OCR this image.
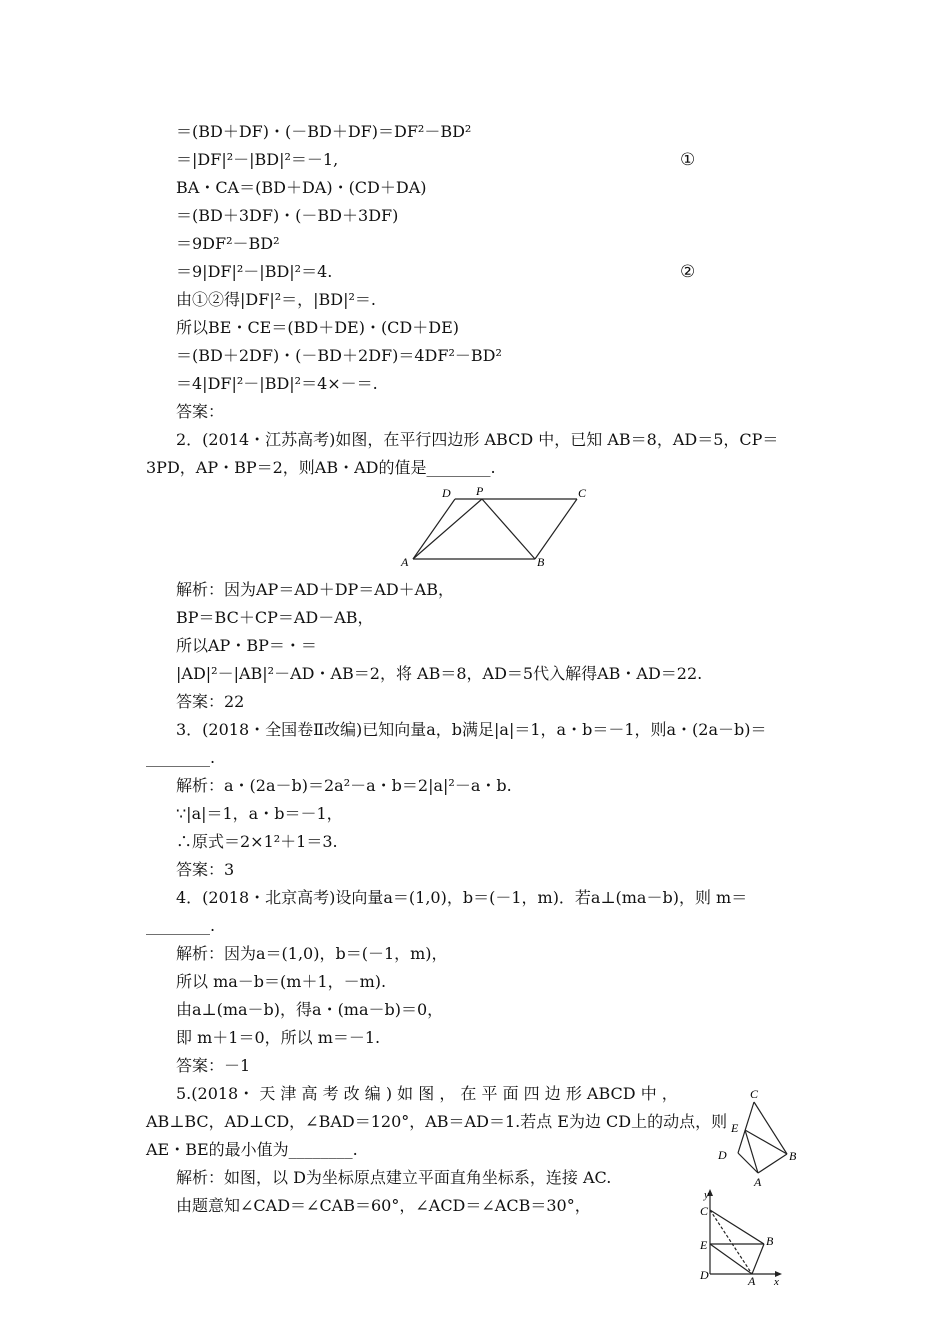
＝(BD＋DF)・(－BD＋DF)＝DF²－BD²
＝|DF|²－|BD|²＝－1,	①
BA・CA＝(BD＋DA)・(CD＋DA)
＝(BD＋3DF)・(－BD＋3DF)
＝9DF²－BD²
＝9|DF|²－|BD|²＝4.	②
由①②得|DF|²＝，|BD|²＝.
所以BE・CE＝(BD＋DE)・(CD＋DE)
＝(BD＋2DF)・(－BD＋2DF)＝4DF²－BD²
＝4|DF|²－|BD|²＝4×－＝.
答案：
2．(2014・江苏高考)如图，在平行四边形 ABCD 中，已知 AB＝8，AD＝5，CP＝
3PD，AP・BP＝2，则AB・AD的值是________.
D P	C
A	B
解析：因为AP＝AD＋DP＝AD＋AB，
BP＝BC＋CP＝AD－AB，
所以AP・BP＝・＝
|AD|²－|AB|²－AD・AB＝2，将 AB＝8，AD＝5代入解得AB・AD＝22.
答案：22
3．(2018・全国卷Ⅱ改编)已知向量a，b满足|a|＝1，a・b＝－1，则a・(2a－b)＝
________.
解析：a・(2a－b)＝2a²－a・b＝2|a|²－a・b.
∵|a|＝1，a・b＝－1，
∴原式＝2×1²＋1＝3.
答案：3
4．(2018・北京高考)设向量a＝(1,0)，b＝(－1，m)．若a⊥(ma－b)，则 m＝
________.
解析：因为a＝(1,0)，b＝(－1，m)，
所以 ma－b＝(m＋1，－m).
由a⊥(ma－b)，得a・(ma－b)＝0，
即 m＋1＝0，所以 m＝－1.
答案：－1
5.(2018・ 天 津 高 考 改 编 ) 如 图 ， 在 平 面 四 边 形 ABCD 中 ，
AB⊥BC，AD⊥CD，∠BAD＝120°，AB＝AD＝1.若点 E为边 CD上的动点，则
AE・BE的最小值为________.
解析：如图，以 D为坐标原点建立平面直角坐标系，连接 AC.
由题意知∠CAD＝∠CAB＝60°，∠ACD＝∠ACB＝30°，
C
E
D	B
A
y
C
E	B
D	A x
